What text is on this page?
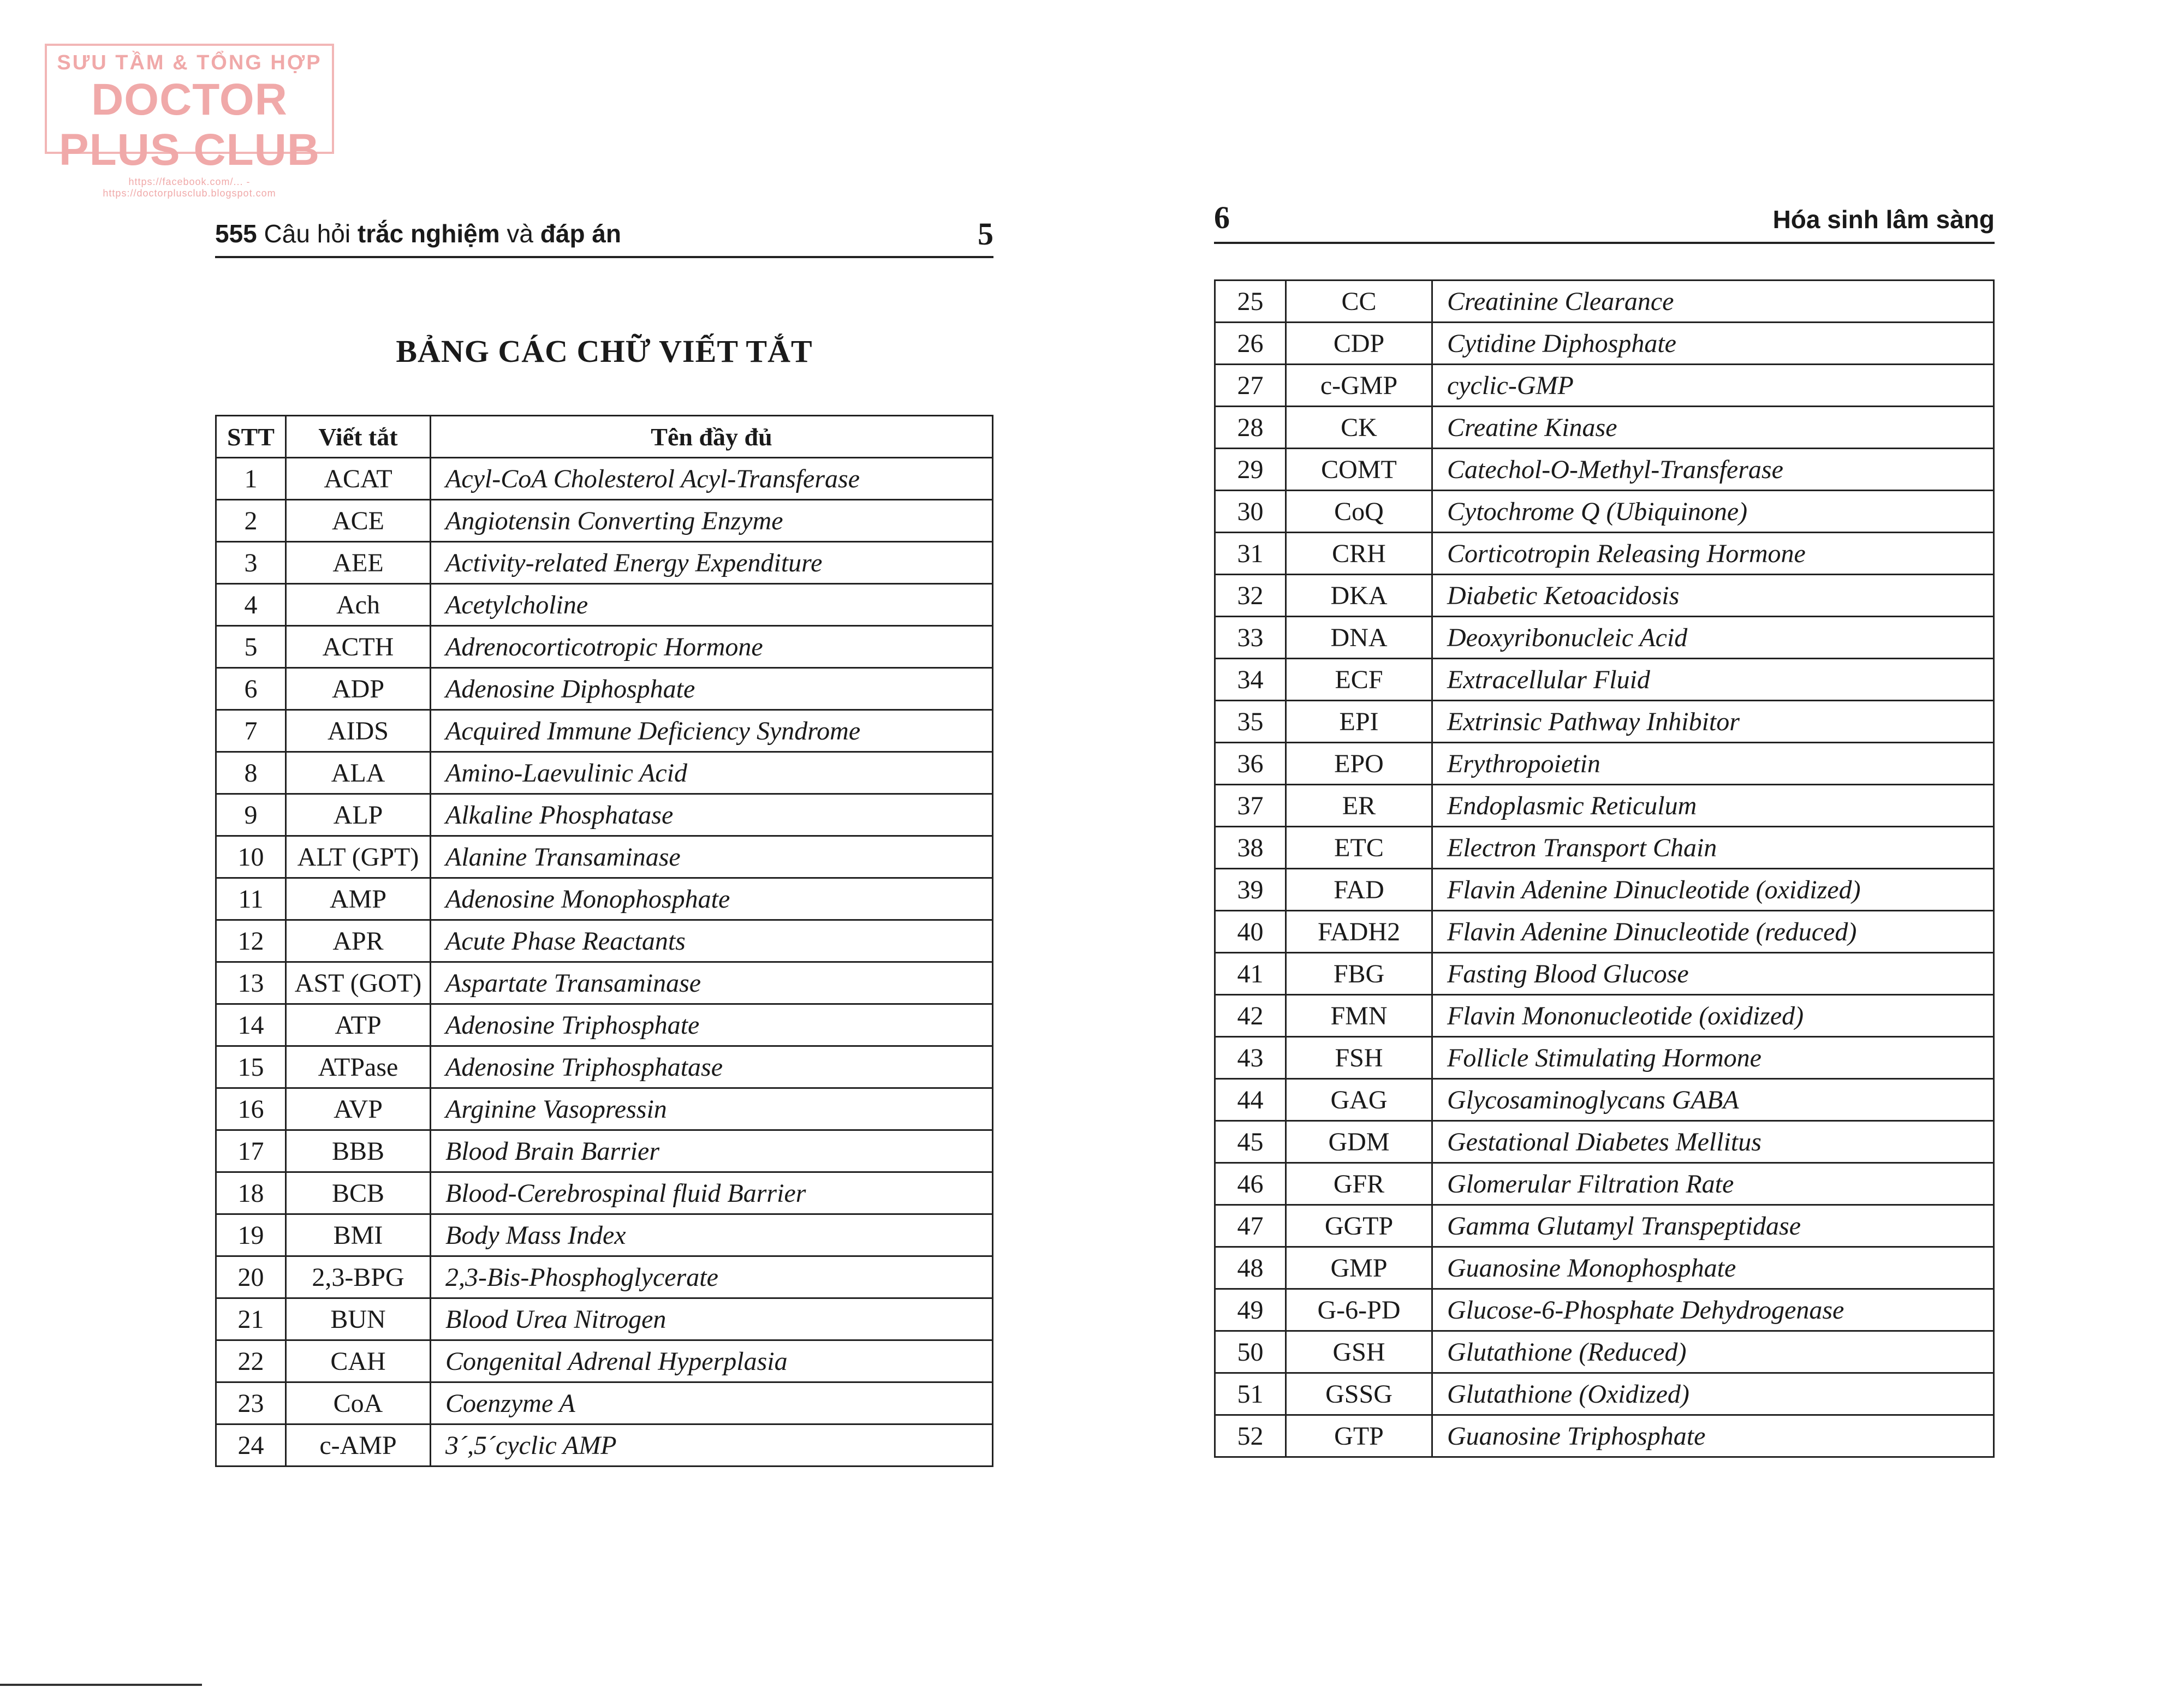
SƯU TẦM & TỔNG HỢP
DOCTOR PLUS CLUB
https://facebook.com/... - https://doctorplusclub.blogspot.com
555 Câu hỏi trắc nghiệm và đáp án	5	6	Hóa sinh lâm sàng
BẢNG CÁC CHỮ VIẾT TẮT
STT	Viết tắt	Tên đầy đủ
1	ACAT	Acyl-CoA Cholesterol Acyl-Transferase
2	ACE	Angiotensin Converting Enzyme
3	AEE	Activity-related Energy Expenditure
4	Ach	Acetylcholine
5	ACTH	Adrenocorticotropic Hormone
6	ADP	Adenosine Diphosphate
7	AIDS	Acquired Immune Deficiency Syndrome
8	ALA	Amino-Laevulinic Acid
9	ALP	Alkaline Phosphatase
10	ALT (GPT)	Alanine Transaminase
11	AMP	Adenosine Monophosphate
12	APR	Acute Phase Reactants
13	AST (GOT)	Aspartate Transaminase
14	ATP	Adenosine Triphosphate
15	ATPase	Adenosine Triphosphatase
16	AVP	Arginine Vasopressin
17	BBB	Blood Brain Barrier
18	BCB	Blood-Cerebrospinal fluid Barrier
19	BMI	Body Mass Index
20	2,3-BPG	2,3-Bis-Phosphoglycerate
21	BUN	Blood Urea Nitrogen
22	CAH	Congenital Adrenal Hyperplasia
23	CoA	Coenzyme A
24	c-AMP	3´,5´cyclic AMP
25	CC	Creatinine Clearance
26	CDP	Cytidine Diphosphate
27	c-GMP	cyclic-GMP
28	CK	Creatine Kinase
29	COMT	Catechol-O-Methyl-Transferase
30	CoQ	Cytochrome Q (Ubiquinone)
31	CRH	Corticotropin Releasing Hormone
32	DKA	Diabetic Ketoacidosis
33	DNA	Deoxyribonucleic Acid
34	ECF	Extracellular Fluid
35	EPI	Extrinsic Pathway Inhibitor
36	EPO	Erythropoietin
37	ER	Endoplasmic Reticulum
38	ETC	Electron Transport Chain
39	FAD	Flavin Adenine Dinucleotide (oxidized)
40	FADH2	Flavin Adenine Dinucleotide (reduced)
41	FBG	Fasting Blood Glucose
42	FMN	Flavin Mononucleotide (oxidized)
43	FSH	Follicle Stimulating Hormone
44	GAG	Glycosaminoglycans GABA
45	GDM	Gestational Diabetes Mellitus
46	GFR	Glomerular Filtration Rate
47	GGTP	Gamma Glutamyl Transpeptidase
48	GMP	Guanosine Monophosphate
49	G-6-PD	Glucose-6-Phosphate Dehydrogenase
50	GSH	Glutathione (Reduced)
51	GSSG	Glutathione (Oxidized)
52	GTP	Guanosine Triphosphate
